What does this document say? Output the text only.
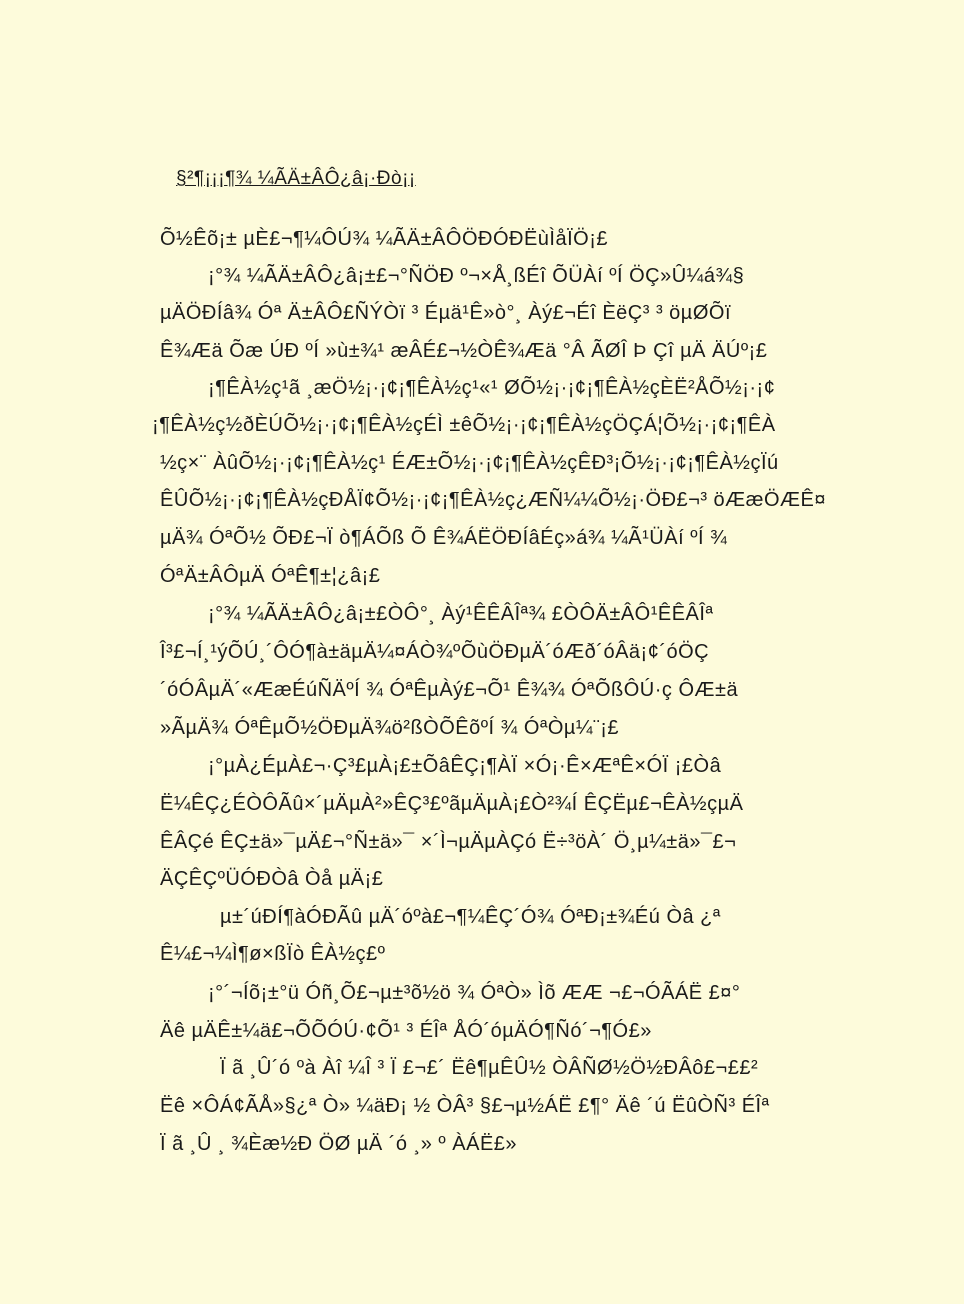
§²¶¡¡¡¶¾ ¼ÃÄ±ÂÔ¿â¡·Ðò¡¡
Õ½Êõ¡± µÈ£¬¶¼ÔÚ¾ ¼ÃÄ±ÂÔÖÐÓÐËùÌåÏÖ¡£
¡°¾ ¼ÃÄ±ÂÔ¿â¡±£¬°ÑÖÐ º¬×Å¸ßÉî ÕÜÀí ºÍ ÖÇ»Û¼á¾§
µÄÖÐÍâ¾ Óª Ä±ÂÔ£ÑÝÒï ³ Éµä¹Ê»ò°¸ Àý£¬Éî ÈëÇ³ ³ öµØÕï
Ê¾Æä Õæ ÚÐ ºÍ »ù±¾¹ æÂÉ£¬½ÒÊ¾Æä °Â ÃØÎ Þ Çî µÄ ÄÚº¡£
¡¶ÊÀ½ç¹ã ¸æÖ½¡·¡¢¡¶ÊÀ½ç¹«¹ ØÕ½¡·¡¢¡¶ÊÀ½çÈË²ÅÕ½¡·¡¢
¡¶ÊÀ½ç½ðÈÚÕ½¡·¡¢¡¶ÊÀ½çÉÌ ±êÕ½¡·¡¢¡¶ÊÀ½çÖÇÁ¦Õ½¡·¡¢¡¶ÊÀ
½ç×¨ ÀûÕ½¡·¡¢¡¶ÊÀ½ç¹ ÉÆ±Õ½¡·¡¢¡¶ÊÀ½çÊÐ³¡Õ½¡·¡¢¡¶ÊÀ½çÏú
ÊÛÕ½¡·¡¢¡¶ÊÀ½çÐÅÏ¢Õ½¡·¡¢¡¶ÊÀ½ç¿ÆÑ¼¼Õ½¡·ÖÐ£¬³ öÆæÖÆÊ¤
µÄ¾ ÓªÕ½ ÕÐ£¬Ï ò¶ÁÕß Õ Ê¾ÁËÖÐÍâÉç»á¾ ¼Ã¹ÜÀí ºÍ ¾
ÓªÄ±ÂÔµÄ ÓªÊ¶±¦¿â¡£
¡°¾ ¼ÃÄ±ÂÔ¿â¡±£ÒÔ°¸ Àý¹ÊÊÂÎª¾ £ÒÔÄ±ÂÔ¹ÊÊÂÎª
Î³£¬Í¸¹ýÕÚ¸´ÔÓ¶à±äµÄ¼¤ÁÒ¾ºÕùÖÐµÄ´óÆð´óÂä¡¢´óÖÇ
´óÓÂµÄ´«ÆæÉúÑÄºÍ ¾ ÓªÊµÀý£¬Õ¹ Ê¾¾ ÓªÕßÔÚ·ç ÔÆ±ä
»ÃµÄ¾ ÓªÊµÕ½ÖÐµÄ¾ö²ßÒÕÊõºÍ ¾ ÓªÒµ¼¨¡£
¡°µÀ¿ÉµÀ£¬·Ç³£µÀ¡£±ÕâÊÇ¡¶ÀÏ ×Ó¡·Ê×ÆªÊ×ÓÏ ¡£Òâ
Ë¼ÊÇ¿ÉÒÔÃû×´µÄµÀ²»ÊÇ³£ºãµÄµÀ¡£Ò²¾Í ÊÇËµ£¬ÊÀ½çµÄ
ÊÂÇé ÊÇ±ä»¯µÄ£¬°Ñ±ä»¯ ×´Ì¬µÄµÀÇó Ë÷³öÀ´ Ö¸µ¼±ä»¯£¬
ÄÇÊÇºÜÓÐÒâ Òå µÄ¡£
µ±´úÐÍ¶àÓÐÃû µÄ´óºà£¬¶¼ÊÇ´Ó¾ ÓªÐ¡±¾Éú Òâ ¿ª
Ê¼£¬¼Ì¶ø×ßÏò ÊÀ½ç£º
¡°´¬Íõ¡±°ü Óñ¸Õ£¬µ±³õ½ö ¾ ÓªÒ» Ìõ ÆÆ ¬£¬ÓÃÁË £¤°
Äê µÄÊ±¼ä£¬ÕÕÓÚ·¢Õ¹ ³ ÉÎª ÅÓ´óµÄÓ¶Ñó´¬¶Ó£»
Ï ã ¸Û´ó ºà Àî ¼Î ³ Ï £¬£´ Ëê¶µÊÛ½ ÒÂÑØ½Ö½ÐÂô£¬££²
Ëê ×ÔÁ¢ÃÅ»§¿ª Ò» ¼äÐ¡ ½ ÒÂ³ §£¬µ½ÁË £¶° Äê ´ú ËûÒÑ³ ÉÎª
Ï ã ¸Û ¸ ¾Èæ½Ð ÖØ µÄ ´ó ¸» º ÀÁË£»
